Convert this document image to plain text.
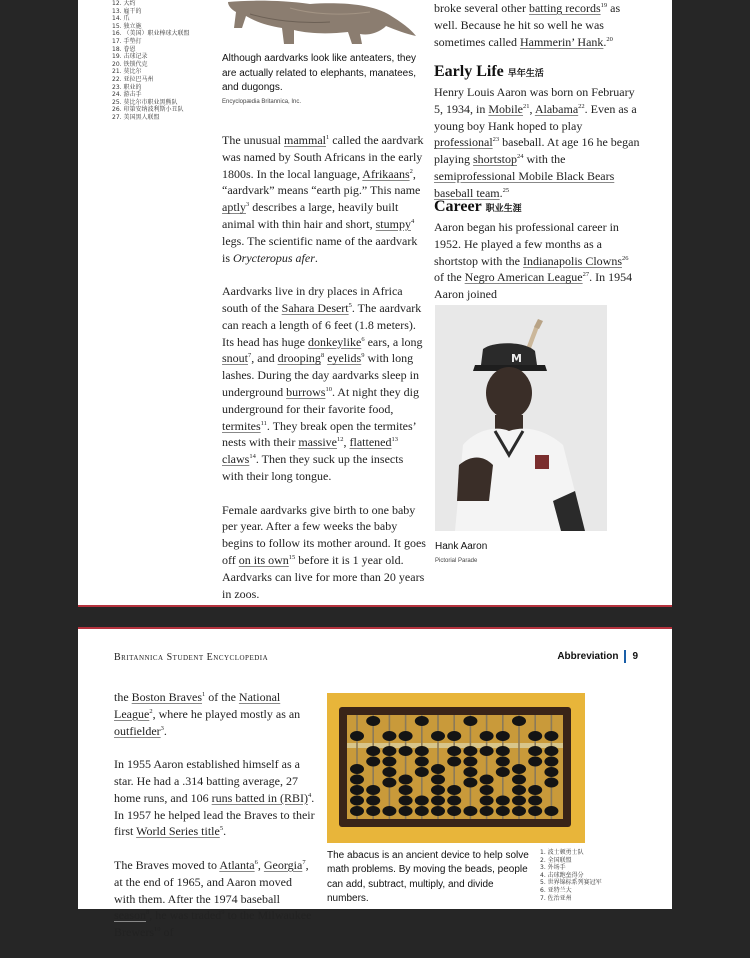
12. 大约
13. 雇干的
14. 爪
15. 独立施
16. （美国）职业棒球大联盟
17. 手垫打
18. 眷恩
19. 击球记录
20. 铁锁代克
21. 莫比尔
22. 亚拉巴马州
23. 职业的
24. 游击手
25. 莫比尔市职业黑熊队
26. 印第安纳波利斯小丑队
27. 美国黑人联盟
Although aardvarks look like anteaters, they are actually related to elephants, manatees, and dugongs.
Encyclopædia Britannica, Inc.

The unusual mammal$^1$ called the aardvark was named by South Africans in the early 1800s. In the local language, Afrikaans$^2$, “aardvark” means “earth pig.” This name aptly$^3$ describes a large, heavily built animal with thin hair and short, stumpy$^4$ legs. The scientific name of the aardvark is Orycteropus afer.

Aardvarks live in dry places in Africa south of the Sahara Desert$^5$. The aardvark can reach a length of 6 feet (1.8 meters). Its head has huge donkeylike$^6$ ears, a long snout$^7$, and drooping$^8$ eyelids$^9$ with long lashes. During the day aardvarks sleep in underground burrows$^{10}$. At night they dig underground for their favorite food, termites$^{11}$. They break open the termites’ nests with their massive$^{12}$, flattened$^{13}$ claws$^{14}$. Then they suck up the insects with their long tongue.

Female aardvarks give birth to one baby per year. After a few weeks the baby begins to follow its mother around. It goes off on its own$^{15}$ before it is 1 year old. Aardvarks can live for more than 20 years in zoos.

broke several other batting records$^{19}$ as well. Because he hit so well he was sometimes called Hammerin’ Hank.$^{20}$

Early Life 早年生活
Henry Louis Aaron was born on February 5, 1934, in Mobile$^{21}$, Alabama$^{22}$. Even as a young boy Hank hoped to play professional$^{23}$ baseball. At age 16 he began playing shortstop$^{24}$ with the semiprofessional Mobile Black Bears baseball team.$^{25}$
Career 职业生涯
Aaron began his professional career in 1952. He played a few months as a shortstop with the Indianapolis Clowns$^{26}$ of the Negro American League$^{27}$. In 1954 Aaron joined
M
Hank Aaron
Pictorial Parade
Britannica Student Encyclopedia	Abbreviation 9

the Boston Braves$^1$ of the National League$^2$, where he played mostly as an outfielder$^3$.

In 1955 Aaron established himself as a star. He had a .314 batting average, 27 home runs, and 106 runs batted in (RBI)$^4$. In 1957 he helped lead the Braves to their first World Series title$^5$.

The Braves moved to Atlanta$^6$, Georgia$^7$, at the end of 1965, and Aaron moved with them. After the 1974 baseball season$^8$, he was traded$^9$ to the Milwaukee Brewers$^{10}$ of

The abacus is an ancient device to help solve math problems. By moving the beads, people can add, subtract, multiply, and divide numbers.
1. 波士顿勇士队
2. 全国联盟
3. 外场手
4. 击球跑垒得分
5. 世界锦标系列赛冠军
6. 亚特兰大
7. 佐治亚州
